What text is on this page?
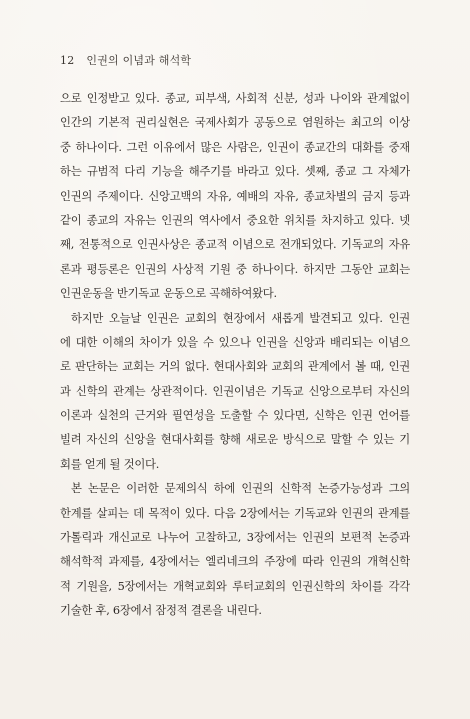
12 인권의 이념과 해석학
으로 인정받고 있다. 종교, 피부색, 사회적 신분, 성과 나이와 관계없이
인간의 기본적 권리실현은 국제사회가 공동으로 염원하는 최고의 이상
중 하나이다. 그런 이유에서 많은 사람은, 인권이 종교간의 대화를 중재
하는 규범적 다리 기능을 해주기를 바라고 있다. 셋째, 종교 그 자체가
인권의 주제이다. 신앙고백의 자유, 예배의 자유, 종교차별의 금지 등과
같이 종교의 자유는 인권의 역사에서 중요한 위치를 차지하고 있다. 넷
째, 전통적으로 인권사상은 종교적 이념으로 전개되었다. 기독교의 자유
론과 평등론은 인권의 사상적 기원 중 하나이다. 하지만 그동안 교회는
인권운동을 반기독교 운동으로 곡해하여왔다.
하지만 오늘날 인권은 교회의 현장에서 새롭게 발견되고 있다. 인권
에 대한 이해의 차이가 있을 수 있으나 인권을 신앙과 배리되는 이념으
로 판단하는 교회는 거의 없다. 현대사회와 교회의 관계에서 볼 때, 인권
과 신학의 관계는 상관적이다. 인권이념은 기독교 신앙으로부터 자신의
이론과 실천의 근거와 필연성을 도출할 수 있다면, 신학은 인권 언어를
빌려 자신의 신앙을 현대사회를 향해 새로운 방식으로 말할 수 있는 기
회를 얻게 될 것이다.
본 논문은 이러한 문제의식 하에 인권의 신학적 논증가능성과 그의
한계를 살피는 데 목적이 있다. 다음 2장에서는 기독교와 인권의 관계를
가톨릭과 개신교로 나누어 고찰하고, 3장에서는 인권의 보편적 논증과
해석학적 과제를, 4장에서는 엘리네크의 주장에 따라 인권의 개혁신학
적 기원을, 5장에서는 개혁교회와 루터교회의 인권신학의 차이를 각각
기술한 후, 6장에서 잠정적 결론을 내린다.
